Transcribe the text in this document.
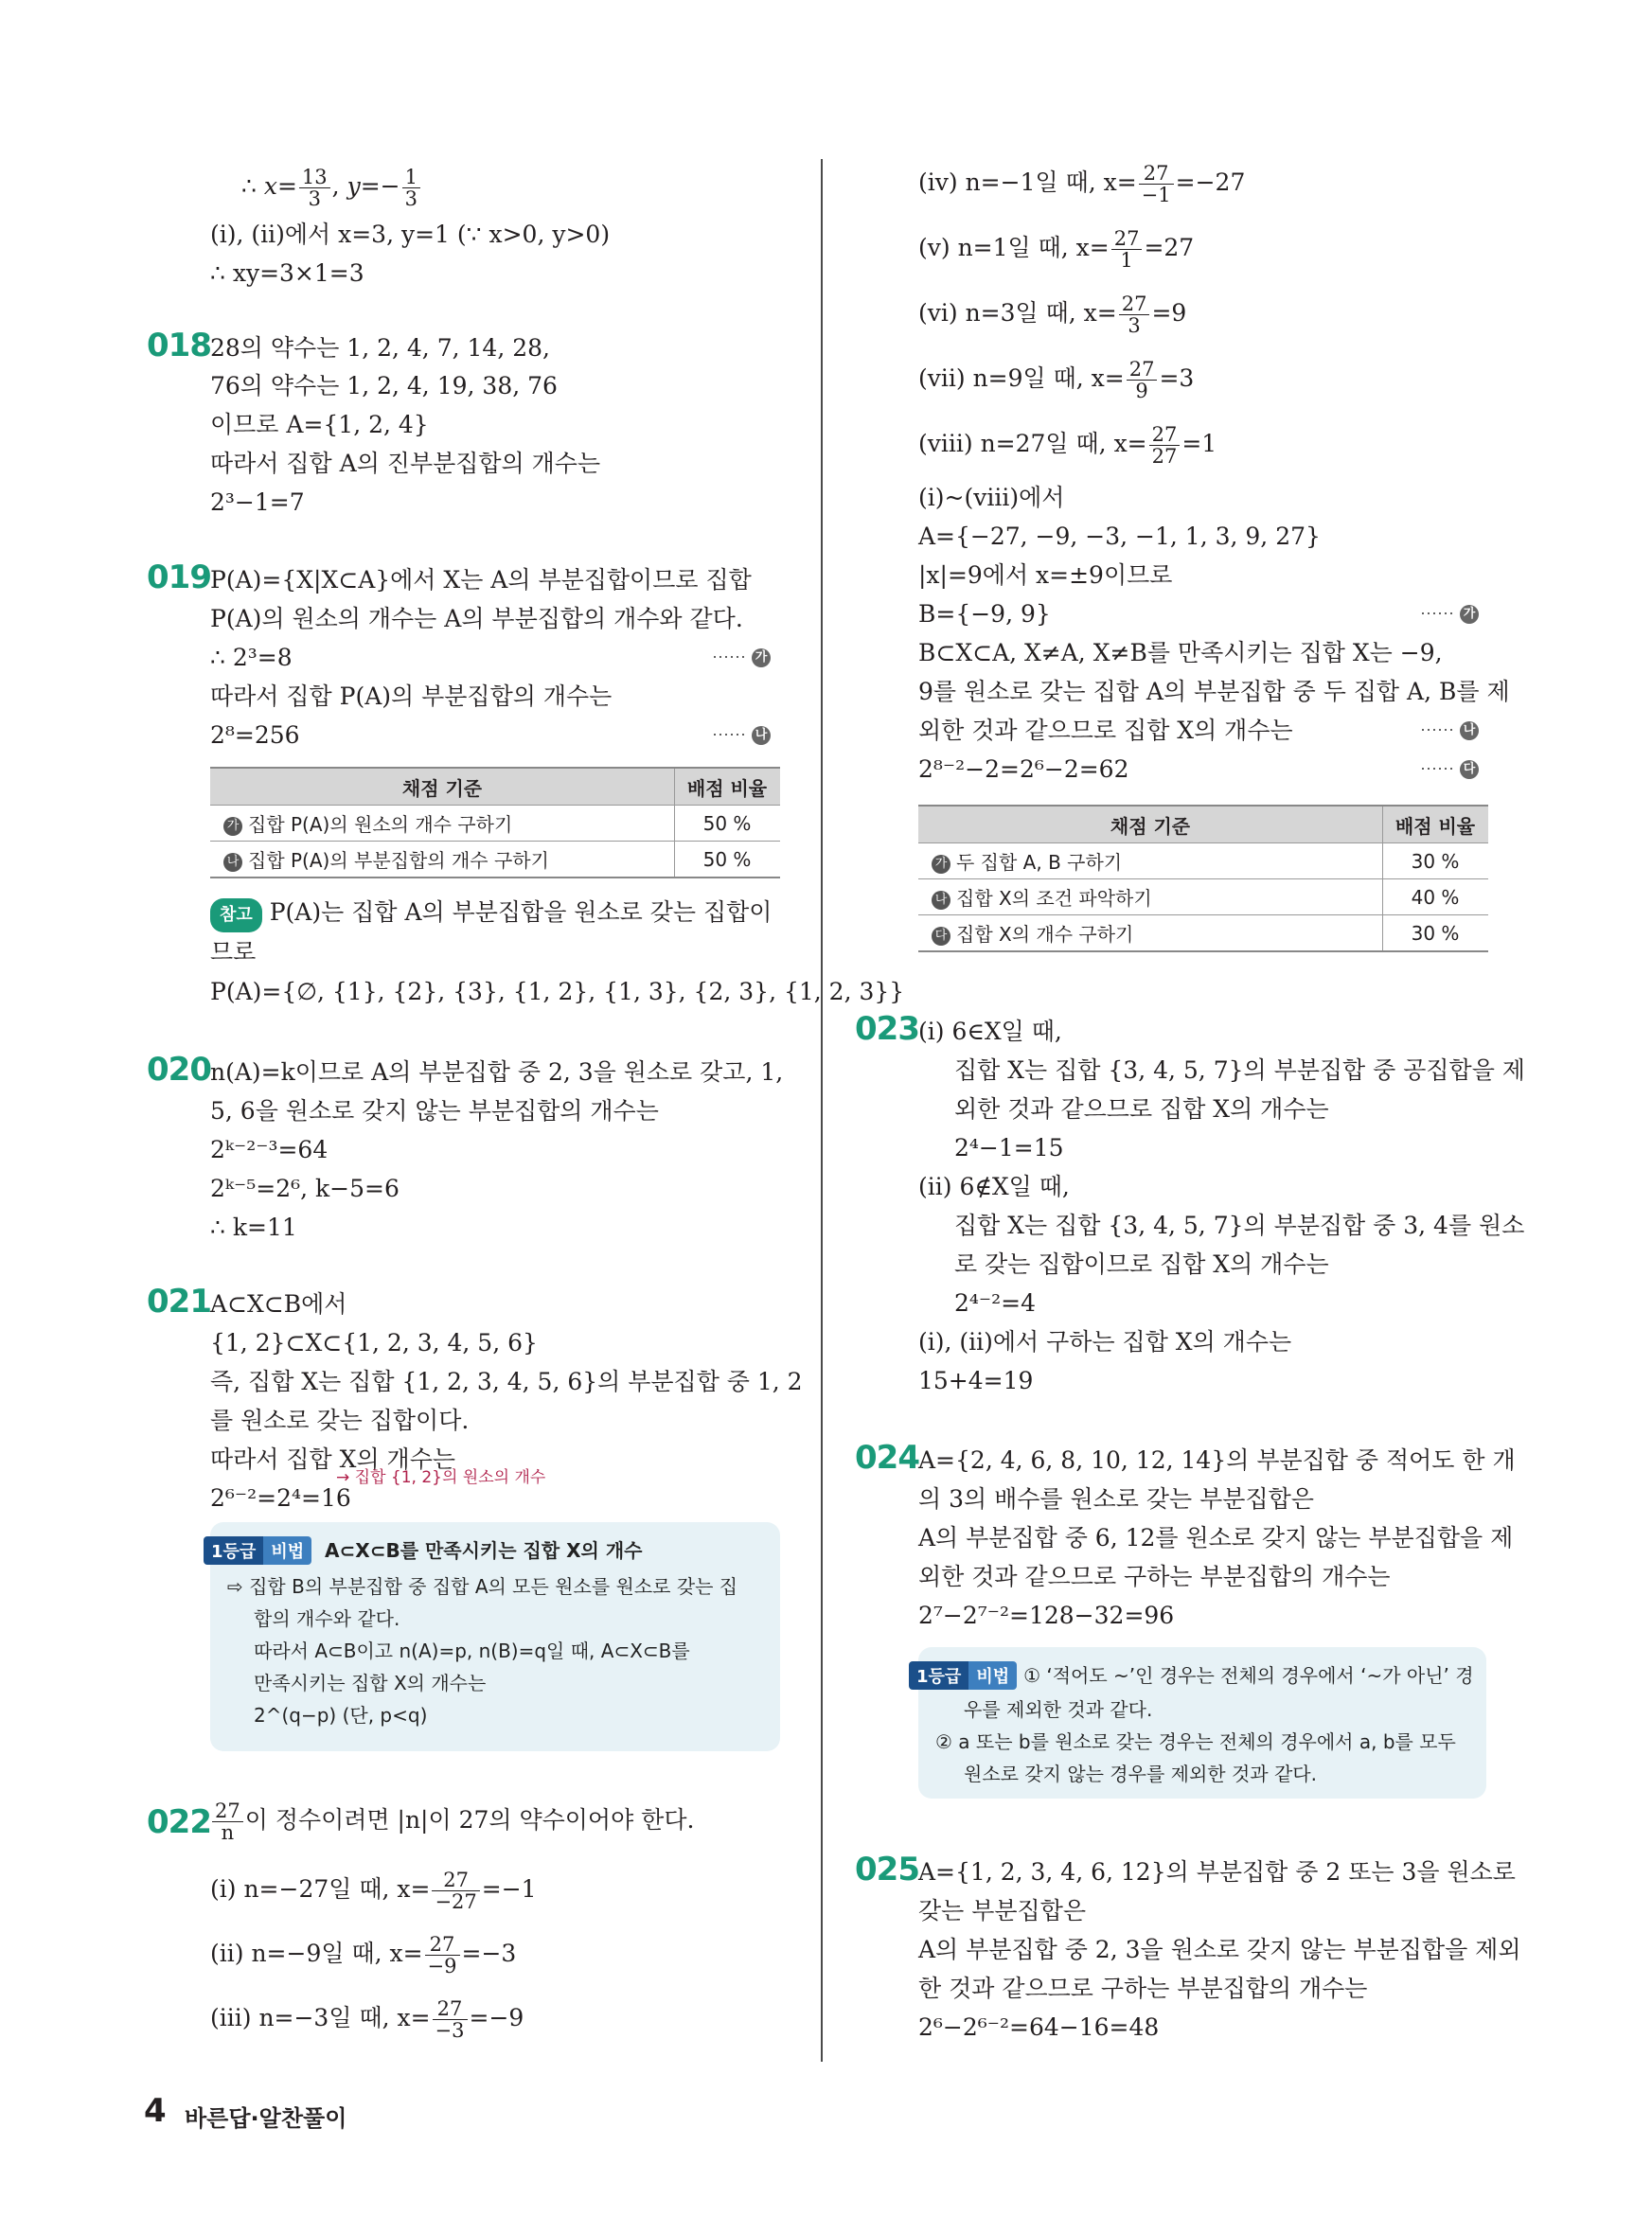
∴ $x= \frac{13}{3}$ , $y=- \frac{1}{3}$
(ⅰ), (ⅱ)에서 x=3, y=1 (∵ x>0, y>0)
∴ xy=3×1=3
018 28의 약수는 1, 2, 4, 7, 14, 28,
76의 약수는 1, 2, 4, 19, 38, 76
이므로 A={1, 2, 4}
따라서 집합 A의 진부분집합의 개수는
2³−1=7
019 P(A)={X|X⊂A}에서 X는 A의 부분집합이므로 집합
P(A)의 원소의 개수는 A의 부분집합의 개수와 같다.
∴ 2³=8	⋯⋯ 가
따라서 집합 P(A)의 부분집합의 개수는
2⁸=256	⋯⋯ 나
채점 기준	배점 비율
가 집합 P(A)의 원소의 개수 구하기	50 %
나 집합 P(A)의 부분집합의 개수 구하기	50 %
참고 P(A)는 집합 A의 부분집합을 원소로 갖는 집합이
므로
P(A)={∅, {1}, {2}, {3}, {1, 2}, {1, 3}, {2, 3}, {1, 2, 3}}
020 n(A)=k이므로 A의 부분집합 중 2, 3을 원소로 갖고, 1,
5, 6을 원소로 갖지 않는 부분집합의 개수는
2ᵏ⁻²⁻³=64
2ᵏ⁻⁵=2⁶, k−5=6
∴ k=11
021 A⊂X⊂B에서
{1, 2}⊂X⊂{1, 2, 3, 4, 5, 6}
즉, 집합 X는 집합 {1, 2, 3, 4, 5, 6}의 부분집합 중 1, 2
를 원소로 갖는 집합이다.
따라서 집합 X의 개수는
2⁶⁻²=2⁴=16
→ 집합 {1, 2}의 원소의 개수
1등급 비법 A⊂X⊂B를 만족시키는 집합 X의 개수
⇨ 집합 B의 부분집합 중 집합 A의 모든 원소를 원소로 갖는 집
합의 개수와 같다.
따라서 A⊂B이고 n(A)=p, n(B)=q일 때, A⊂X⊂B를
만족시키는 집합 X의 개수는
2^(q−p) (단, p<q)
$022 \frac{27}{n}$ 이 정수이려면 |n|이 27의 약수이어야 한다.
(ⅰ) n=−27일 때, $x= \frac{27}{-27} =-1$
(ⅱ) n=−9일 때, $x= \frac{27}{-9} =-3$
(ⅲ) n=−3일 때, $x= \frac{27}{-3} =-9$
(ⅳ) n=−1일 때, $x= \frac{27}{-1} =-27$
(ⅴ) n=1일 때, $x= \frac{27}{1} =27$
(ⅵ) n=3일 때, $x= \frac{27}{3} =9$
(ⅶ) n=9일 때, $x= \frac{27}{9} =3$
(ⅷ) n=27일 때, $x= \frac{27}{27} =1$
(ⅰ)~(ⅷ)에서
A={−27, −9, −3, −1, 1, 3, 9, 27}
|x|=9에서 x=±9이므로
B={−9, 9}	⋯⋯ 가
B⊂X⊂A, X≠A, X≠B를 만족시키는 집합 X는 −9,
9를 원소로 갖는 집합 A의 부분집합 중 두 집합 A, B를 제
외한 것과 같으므로 집합 X의 개수는	⋯⋯ 나
2⁸⁻²−2=2⁶−2=62	⋯⋯ 다
채점 기준	배점 비율
가 두 집합 A, B 구하기	30 %
나 집합 X의 조건 파악하기	40 %
다 집합 X의 개수 구하기	30 %
023 (ⅰ) 6∈X일 때,
집합 X는 집합 {3, 4, 5, 7}의 부분집합 중 공집합을 제
외한 것과 같으므로 집합 X의 개수는
2⁴−1=15
(ⅱ) 6∉X일 때,
집합 X는 집합 {3, 4, 5, 7}의 부분집합 중 3, 4를 원소
로 갖는 집합이므로 집합 X의 개수는
2⁴⁻²=4
(ⅰ), (ⅱ)에서 구하는 집합 X의 개수는
15+4=19
024 A={2, 4, 6, 8, 10, 12, 14}의 부분집합 중 적어도 한 개
의 3의 배수를 원소로 갖는 부분집합은
A의 부분집합 중 6, 12를 원소로 갖지 않는 부분집합을 제
외한 것과 같으므로 구하는 부분집합의 개수는
2⁷−2⁷⁻²=128−32=96
1등급 비법 ① ‘적어도 ~’인 경우는 전체의 경우에서 ‘~가 아닌’ 경
우를 제외한 것과 같다.
② a 또는 b를 원소로 갖는 경우는 전체의 경우에서 a, b를 모두
원소로 갖지 않는 경우를 제외한 것과 같다.
025 A={1, 2, 3, 4, 6, 12}의 부분집합 중 2 또는 3을 원소로
갖는 부분집합은
A의 부분집합 중 2, 3을 원소로 갖지 않는 부분집합을 제외
한 것과 같으므로 구하는 부분집합의 개수는
2⁶−2⁶⁻²=64−16=48
4 바른답·알찬풀이
